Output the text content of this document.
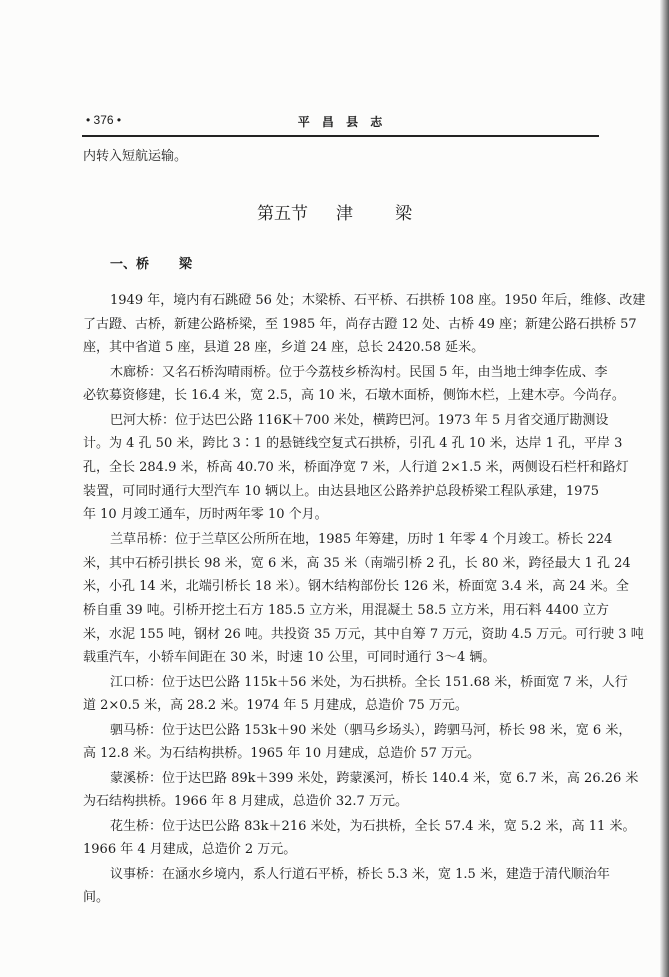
• 376 •	平 昌 县 志
内转入短航运输。
第五节 津 梁
一、桥 梁
1949 年，境内有石跳磴 56 处；木梁桥、石平桥、石拱桥 108 座。1950 年后，维修、改建
了古蹬、古桥，新建公路桥梁，至 1985 年，尚存古蹬 12 处、古桥 49 座；新建公路石拱桥 57
座，其中省道 5 座，县道 28 座，乡道 24 座，总长 2420.58 延米。
木廊桥：又名石桥沟晴雨桥。位于今荔枝乡桥沟村。民国 5 年，由当地士绅李佐成、李
必钦募资修建，长 16.4 米，宽 2.5，高 10 米，石墩木面桥，侧饰木栏，上建木亭。今尚存。
巴河大桥：位于达巴公路 116K＋700 米处，横跨巴河。1973 年 5 月省交通厅勘测设
计。为 4 孔 50 米，跨比 3∶1 的悬链线空复式石拱桥，引孔 4 孔 10 米，达岸 1 孔，平岸 3
孔，全长 284.9 米，桥高 40.70 米，桥面净宽 7 米，人行道 2×1.5 米，两侧设石栏杆和路灯
装置，可同时通行大型汽车 10 辆以上。由达县地区公路养护总段桥梁工程队承建，1975
年 10 月竣工通车，历时两年零 10 个月。
兰草吊桥：位于兰草区公所所在地，1985 年筹建，历时 1 年零 4 个月竣工。桥长 224
米，其中石桥引拱长 98 米，宽 6 米，高 35 米（南端引桥 2 孔，长 80 米，跨径最大 1 孔 24
米，小孔 14 米，北端引桥长 18 米）。钢木结构部份长 126 米，桥面宽 3.4 米，高 24 米。全
桥自重 39 吨。引桥开挖土石方 185.5 立方米，用混凝土 58.5 立方米，用石料 4400 立方
米，水泥 155 吨，钢材 26 吨。共投资 35 万元，其中自筹 7 万元，资助 4.5 万元。可行驶 3 吨
载重汽车，小轿车间距在 30 米，时速 10 公里，可同时通行 3～4 辆。
江口桥：位于达巴公路 115k＋56 米处，为石拱桥。全长 151.68 米，桥面宽 7 米，人行
道 2×0.5 米，高 28.2 米。1974 年 5 月建成，总造价 75 万元。
驷马桥：位于达巴公路 153k＋90 米处（驷马乡场头），跨驷马河，桥长 98 米，宽 6 米，
高 12.8 米。为石结构拱桥。1965 年 10 月建成，总造价 57 万元。
蒙溪桥：位于达巴路 89k＋399 米处，跨蒙溪河，桥长 140.4 米，宽 6.7 米，高 26.26 米
为石结构拱桥。1966 年 8 月建成，总造价 32.7 万元。
花生桥：位于达巴公路 83k＋216 米处，为石拱桥，全长 57.4 米，宽 5.2 米，高 11 米。
1966 年 4 月建成，总造价 2 万元。
议事桥：在涵水乡境内，系人行道石平桥，桥长 5.3 米，宽 1.5 米，建造于清代顺治年
间。
